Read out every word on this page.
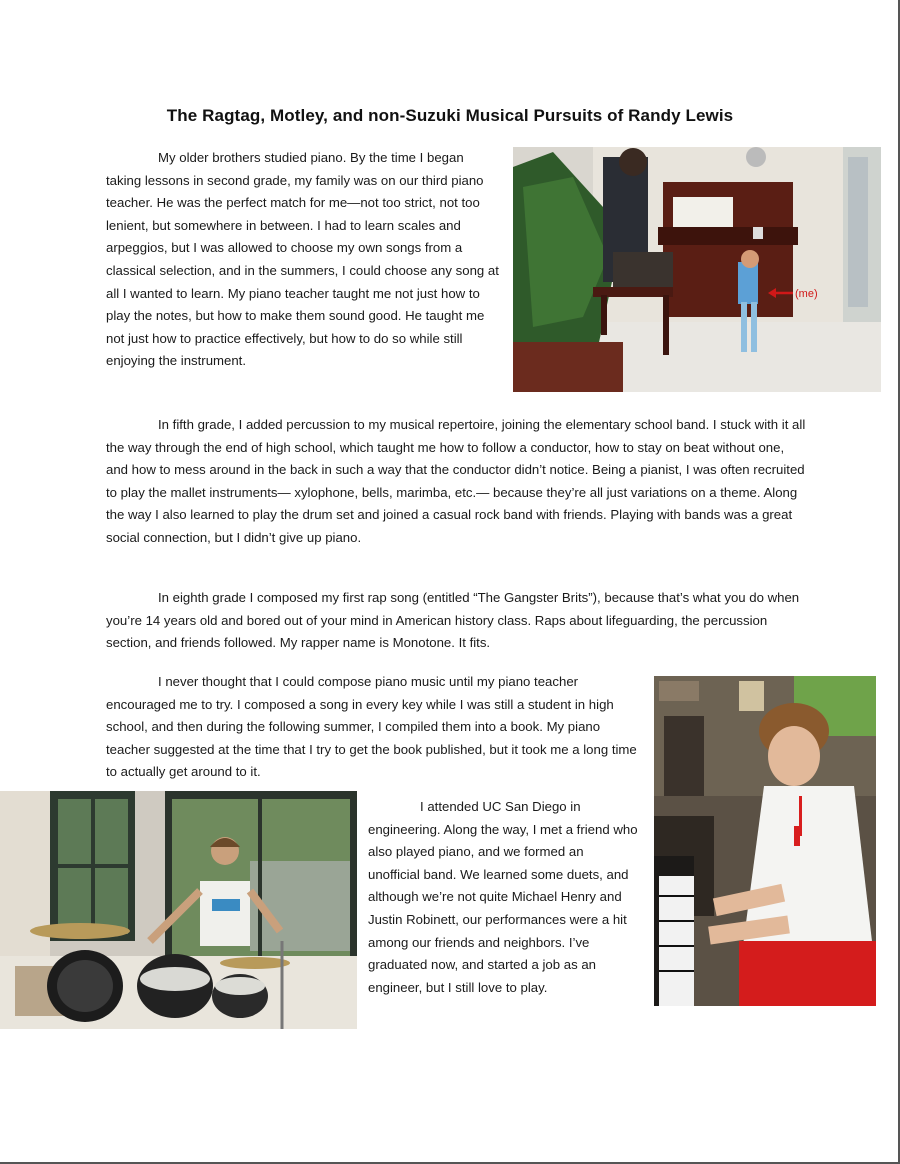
The Ragtag, Motley, and non-Suzuki Musical Pursuits of Randy Lewis

My older brothers studied piano. By the time I began taking lessons in second grade, my family was on our third piano teacher. He was the perfect match for me—not too strict, not too lenient, but somewhere in between. I had to learn scales and arpeggios, but I was allowed to choose my own songs from a classical selection, and in the summers, I could choose any song at all I wanted to learn. My piano teacher taught me not just how to play the notes, but how to make them sound good. He taught me not just how to practice effectively, but how to do so while still enjoying the instrument.

(me)

In fifth grade, I added percussion to my musical repertoire, joining the elementary school band. I stuck with it all the way through the end of high school, which taught me how to follow a conductor, how to stay on beat without one, and how to mess around in the back in such a way that the conductor didn’t notice. Being a pianist, I was often recruited to play the mallet instruments— xylophone, bells, marimba, etc.— because they’re all just variations on a theme. Along the way I also learned to play the drum set and joined a casual rock band with friends. Playing with bands was a great social connection, but I didn’t give up piano.

In eighth grade I composed my first rap song (entitled “The Gangster Brits”), because that’s what you do when you’re 14 years old and bored out of your mind in American history class. Raps about lifeguarding, the percussion section, and friends followed. My rapper name is Monotone. It fits.

I never thought that I could compose piano music until my piano teacher encouraged me to try. I composed a song in every key while I was still a student in high school, and then during the following summer, I compiled them into a book. My piano teacher suggested at the time that I try to get the book published, but it took me a long time to actually get around to it.

I attended UC San Diego in engineering. Along the way, I met a friend who also played piano, and we formed an unofficial band. We learned some duets, and although we’re not quite Michael Henry and Justin Robinett, our performances were a hit among our friends and neighbors. I’ve graduated now, and started a job as an engineer, but I still love to play.
